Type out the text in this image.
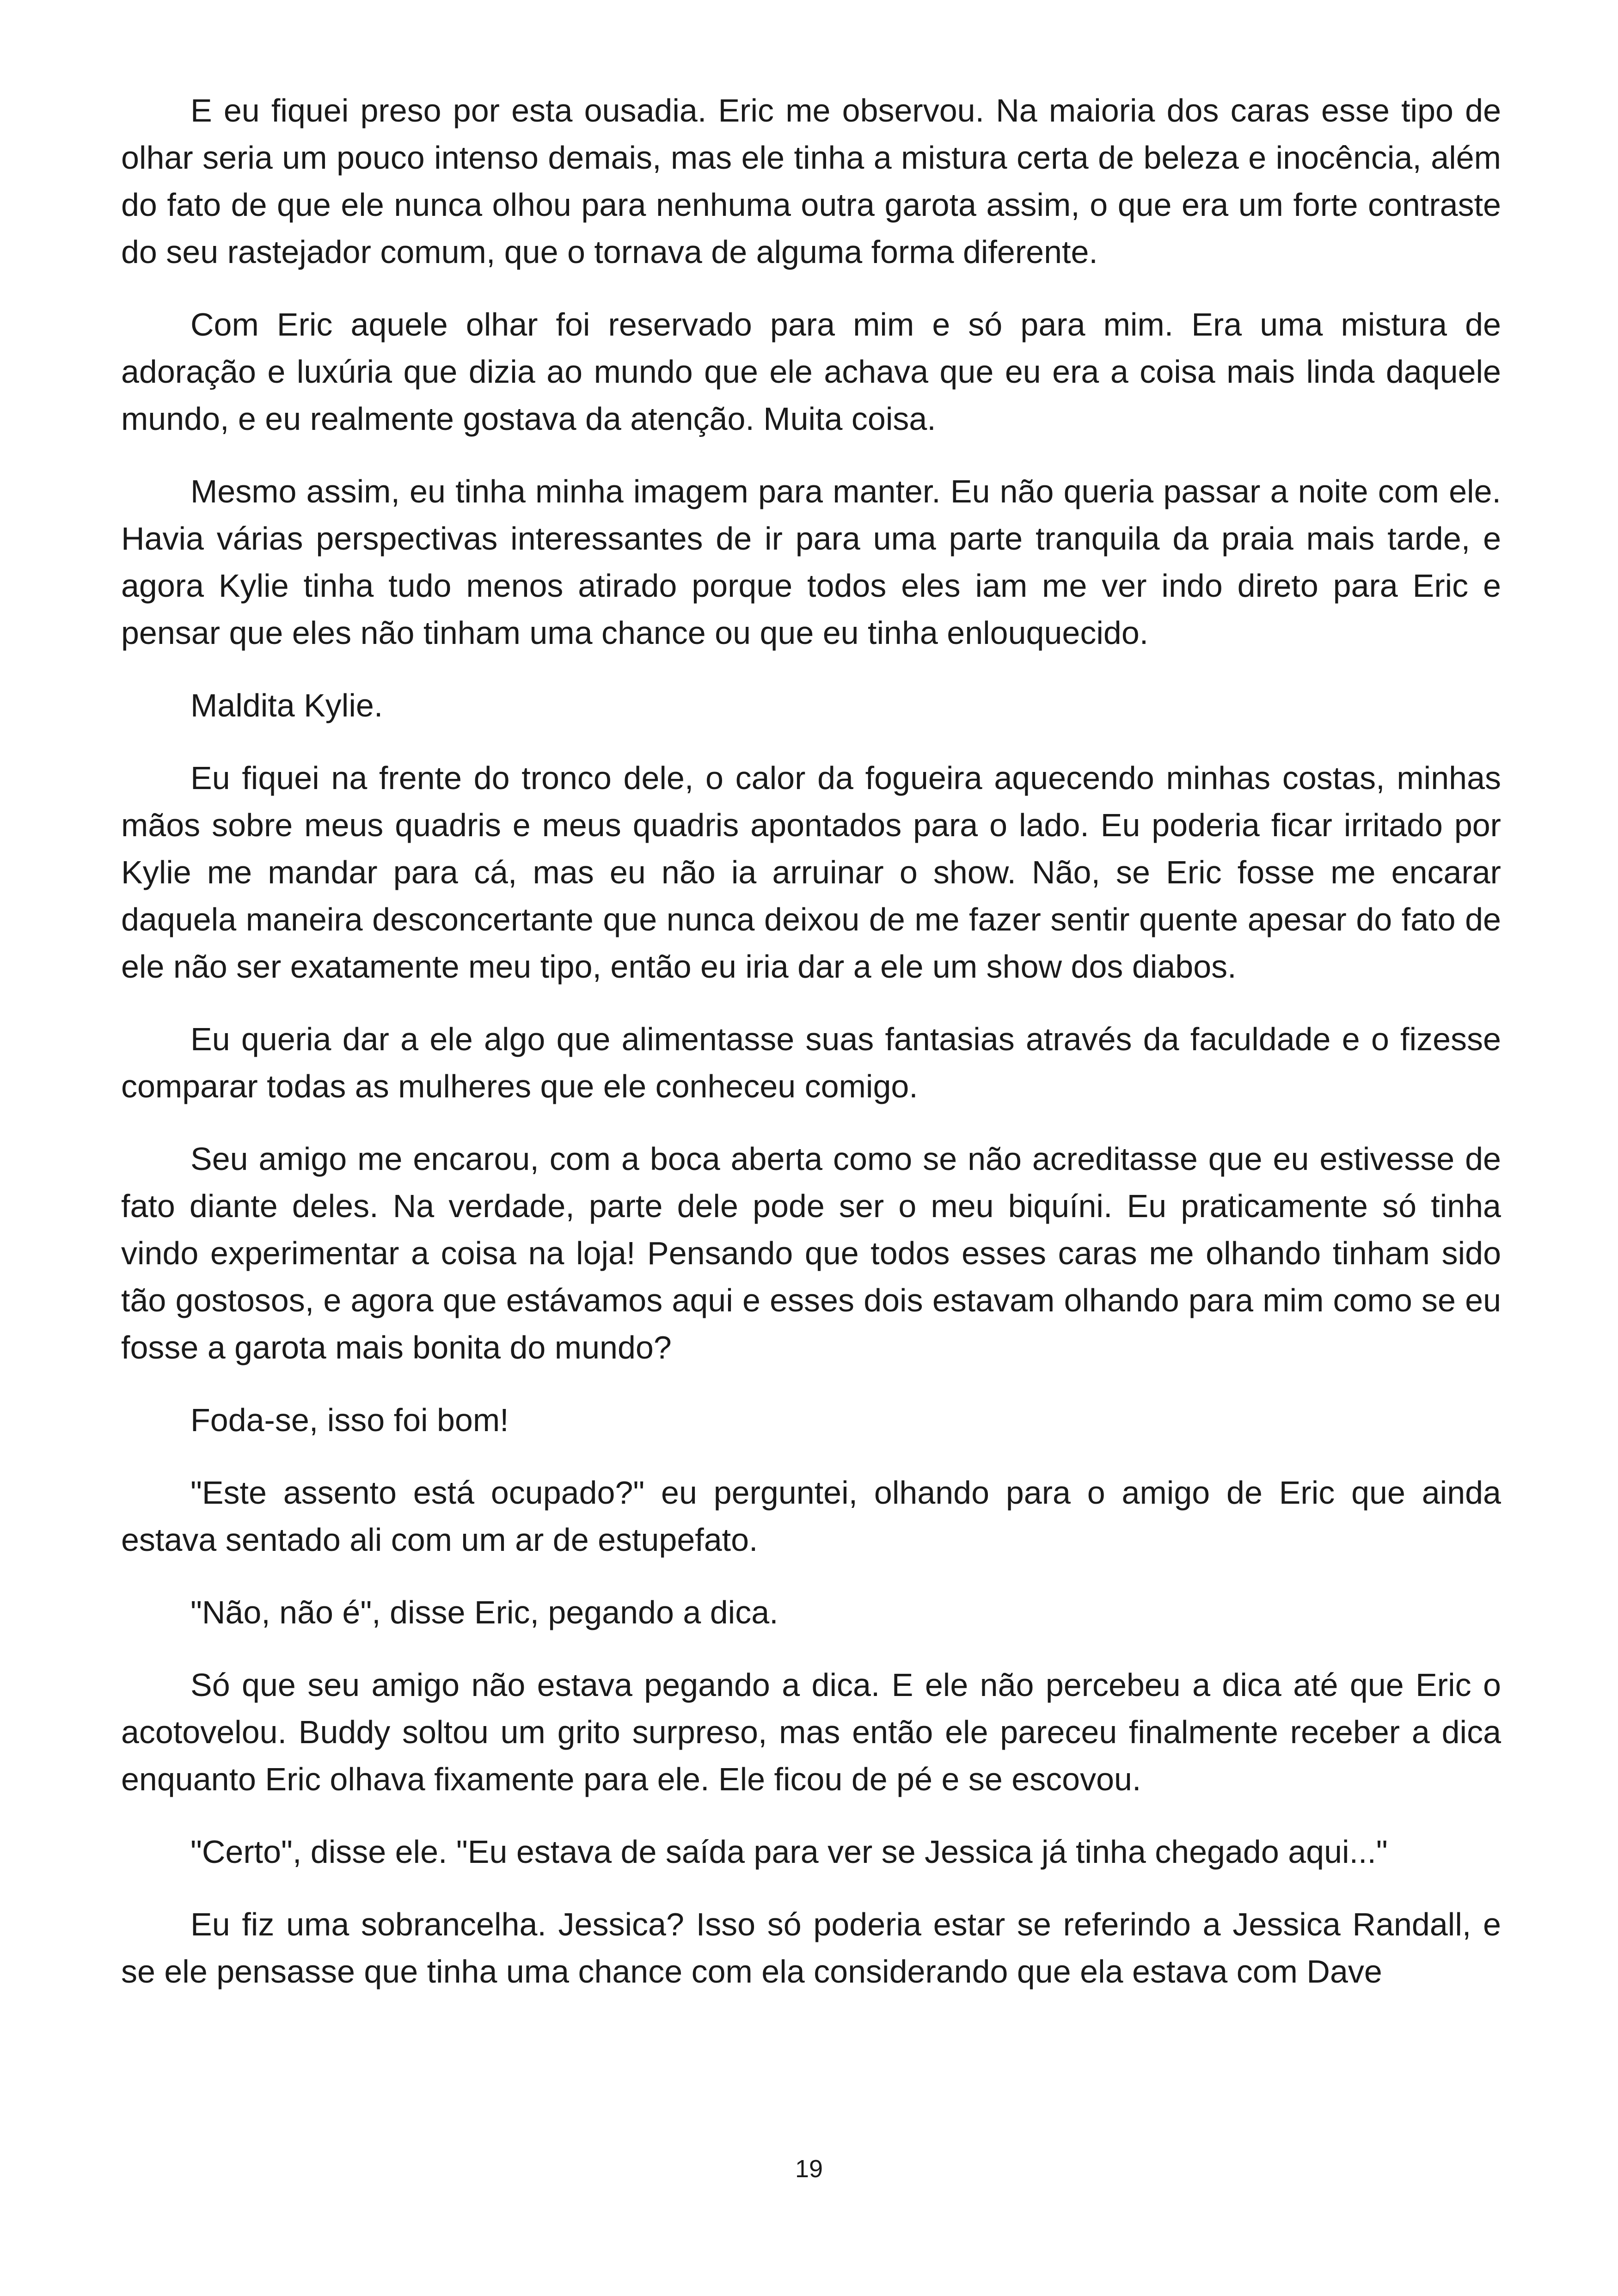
E eu fiquei preso por esta ousadia. Eric me observou. Na maioria dos caras esse tipo de olhar seria um pouco intenso demais, mas ele tinha a mistura certa de beleza e inocência, além do fato de que ele nunca olhou para nenhuma outra garota assim, o que era um forte contraste do seu rastejador comum, que o tornava de alguma forma diferente.

Com Eric aquele olhar foi reservado para mim e só para mim. Era uma mistura de adoração e luxúria que dizia ao mundo que ele achava que eu era a coisa mais linda daquele mundo, e eu realmente gostava da atenção. Muita coisa.

Mesmo assim, eu tinha minha imagem para manter. Eu não queria passar a noite com ele. Havia várias perspectivas interessantes de ir para uma parte tranquila da praia mais tarde, e agora Kylie tinha tudo menos atirado porque todos eles iam me ver indo direto para Eric e pensar que eles não tinham uma chance ou que eu tinha enlouquecido.

Maldita Kylie.

Eu fiquei na frente do tronco dele, o calor da fogueira aquecendo minhas costas, minhas mãos sobre meus quadris e meus quadris apontados para o lado. Eu poderia ficar irritado por Kylie me mandar para cá, mas eu não ia arruinar o show. Não, se Eric fosse me encarar daquela maneira desconcertante que nunca deixou de me fazer sentir quente apesar do fato de ele não ser exatamente meu tipo, então eu iria dar a ele um show dos diabos.

Eu queria dar a ele algo que alimentasse suas fantasias através da faculdade e o fizesse comparar todas as mulheres que ele conheceu comigo.

Seu amigo me encarou, com a boca aberta como se não acreditasse que eu estivesse de fato diante deles. Na verdade, parte dele pode ser o meu biquíni. Eu praticamente só tinha vindo experimentar a coisa na loja! Pensando que todos esses caras me olhando tinham sido tão gostosos, e agora que estávamos aqui e esses dois estavam olhando para mim como se eu fosse a garota mais bonita do mundo?

Foda-se, isso foi bom!

"Este assento está ocupado?" eu perguntei, olhando para o amigo de Eric que ainda estava sentado ali com um ar de estupefato.

"Não, não é", disse Eric, pegando a dica.

Só que seu amigo não estava pegando a dica. E ele não percebeu a dica até que Eric o acotovelou. Buddy soltou um grito surpreso, mas então ele pareceu finalmente receber a dica enquanto Eric olhava fixamente para ele. Ele ficou de pé e se escovou.

"Certo", disse ele. "Eu estava de saída para ver se Jessica já tinha chegado aqui..."

Eu fiz uma sobrancelha. Jessica? Isso só poderia estar se referindo a Jessica Randall, e se ele pensasse que tinha uma chance com ela considerando que ela estava com Dave

19
